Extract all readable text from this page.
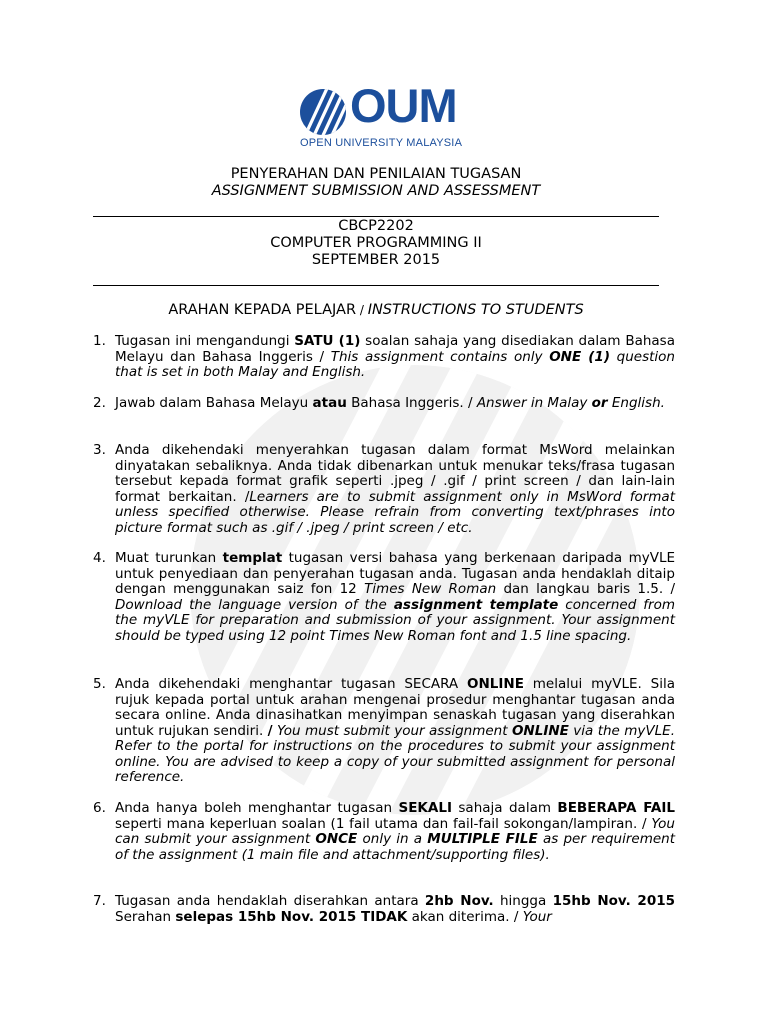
OUM
OPEN UNIVERSITY MALAYSIA
PENYERAHAN DAN PENILAIAN TUGASAN
ASSIGNMENT SUBMISSION AND ASSESSMENT
CBCP2202
COMPUTER PROGRAMMING II
SEPTEMBER 2015
ARAHAN KEPADA PELAJAR / INSTRUCTIONS TO STUDENTS
1. Tugasan ini mengandungi SATU (1) soalan sahaja yang disediakan dalam Bahasa Melayu dan Bahasa Inggeris / This assignment contains only ONE (1) question that is set in both Malay and English.
2. Jawab dalam Bahasa Melayu atau Bahasa Inggeris. / Answer in Malay or English.
3. Anda dikehendaki menyerahkan tugasan dalam format MsWord melainkan dinyatakan sebaliknya. Anda tidak dibenarkan untuk menukar teks/frasa tugasan tersebut kepada format grafik seperti .jpeg / .gif / print screen / dan lain-lain format berkaitan. /Learners are to submit assignment only in MsWord format unless specified otherwise. Please refrain from converting text/phrases into picture format such as .gif / .jpeg / print screen / etc.
4. Muat turunkan templat tugasan versi bahasa yang berkenaan daripada myVLE untuk penyediaan dan penyerahan tugasan anda. Tugasan anda hendaklah ditaip dengan menggunakan saiz fon 12 Times New Roman dan langkau baris 1.5. / Download the language version of the assignment template concerned from the myVLE for preparation and submission of your assignment. Your assignment should be typed using 12 point Times New Roman font and 1.5 line spacing.
5. Anda dikehendaki menghantar tugasan SECARA ONLINE melalui myVLE. Sila rujuk kepada portal untuk arahan mengenai prosedur menghantar tugasan anda secara online. Anda dinasihatkan menyimpan senaskah tugasan yang diserahkan untuk rujukan sendiri. / You must submit your assignment ONLINE via the myVLE. Refer to the portal for instructions on the procedures to submit your assignment online. You are advised to keep a copy of your submitted assignment for personal reference.
6. Anda hanya boleh menghantar tugasan SEKALI sahaja dalam BEBERAPA FAIL seperti mana keperluan soalan (1 fail utama dan fail-fail sokongan/lampiran. / You can submit your assignment ONCE only in a MULTIPLE FILE as per requirement of the assignment (1 main file and attachment/supporting files).
7. Tugasan anda hendaklah diserahkan antara 2hb Nov. hingga 15hb Nov. 2015 Serahan selepas 15hb Nov. 2015 TIDAK akan diterima. / Your
